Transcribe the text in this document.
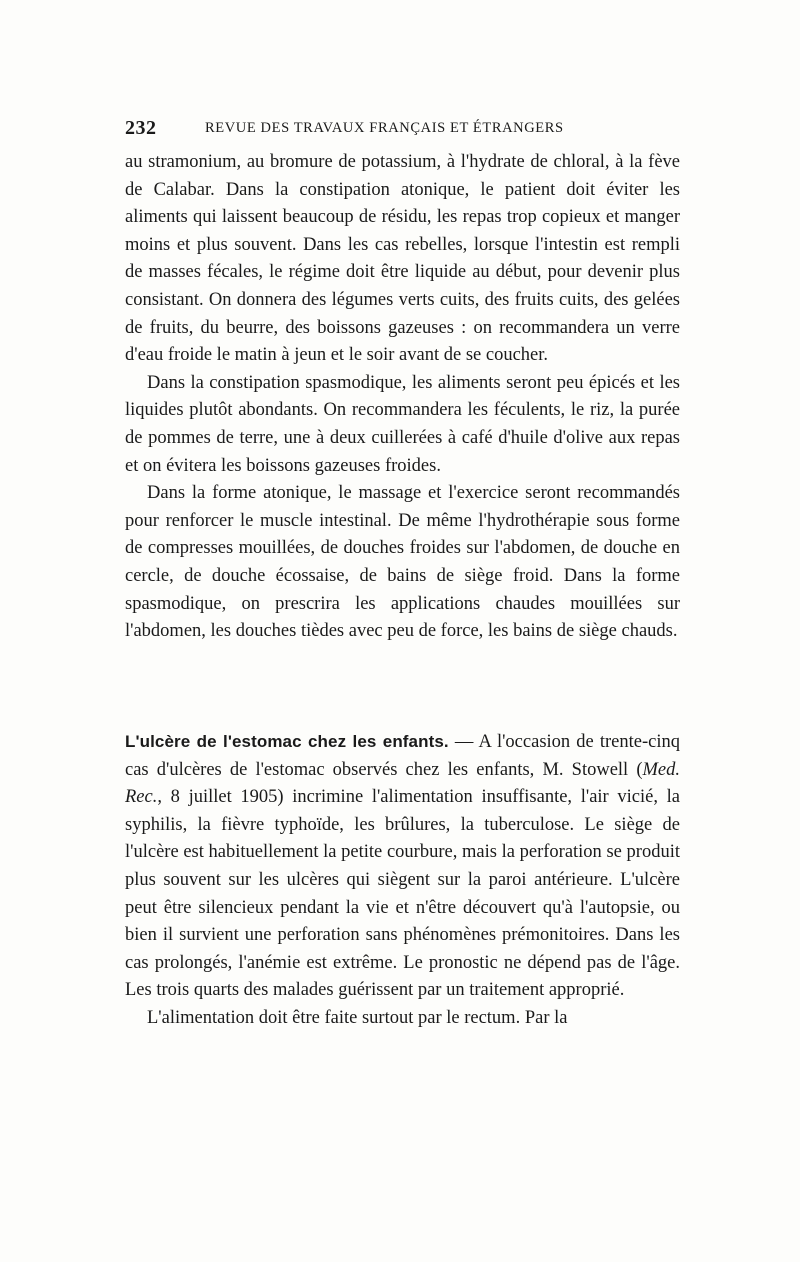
232	REVUE DES TRAVAUX FRANÇAIS ET ÉTRANGERS

au stramonium, au bromure de potassium, à l'hydrate de chloral, à la fève de Calabar. Dans la constipation atonique, le patient doit éviter les aliments qui laissent beaucoup de résidu, les repas trop copieux et manger moins et plus souvent. Dans les cas rebelles, lorsque l'intestin est rempli de masses fécales, le régime doit être liquide au début, pour devenir plus consistant. On donnera des légumes verts cuits, des fruits cuits, des gelées de fruits, du beurre, des boissons gazeuses : on recommandera un verre d'eau froide le matin à jeun et le soir avant de se coucher.

Dans la constipation spasmodique, les aliments seront peu épicés et les liquides plutôt abondants. On recommandera les féculents, le riz, la purée de pommes de terre, une à deux cuillerées à café d'huile d'olive aux repas et on évitera les boissons gazeuses froides.

Dans la forme atonique, le massage et l'exercice seront recommandés pour renforcer le muscle intestinal. De même l'hydrothérapie sous forme de compresses mouillées, de douches froides sur l'abdomen, de douche en cercle, de douche écossaise, de bains de siège froid. Dans la forme spasmodique, on prescrira les applications chaudes mouillées sur l'abdomen, les douches tièdes avec peu de force, les bains de siège chauds.

L'ulcère de l'estomac chez les enfants. — A l'occasion de trente-cinq cas d'ulcères de l'estomac observés chez les enfants, M. Stowell (Med. Rec., 8 juillet 1905) incrimine l'alimentation insuffisante, l'air vicié, la syphilis, la fièvre typhoïde, les brûlures, la tuberculose. Le siège de l'ulcère est habituellement la petite courbure, mais la perforation se produit plus souvent sur les ulcères qui siègent sur la paroi antérieure. L'ulcère peut être silencieux pendant la vie et n'être découvert qu'à l'autopsie, ou bien il survient une perforation sans phénomènes prémonitoires. Dans les cas prolongés, l'anémie est extrême. Le pronostic ne dépend pas de l'âge. Les trois quarts des malades guérissent par un traitement approprié.

L'alimentation doit être faite surtout par le rectum. Par la
